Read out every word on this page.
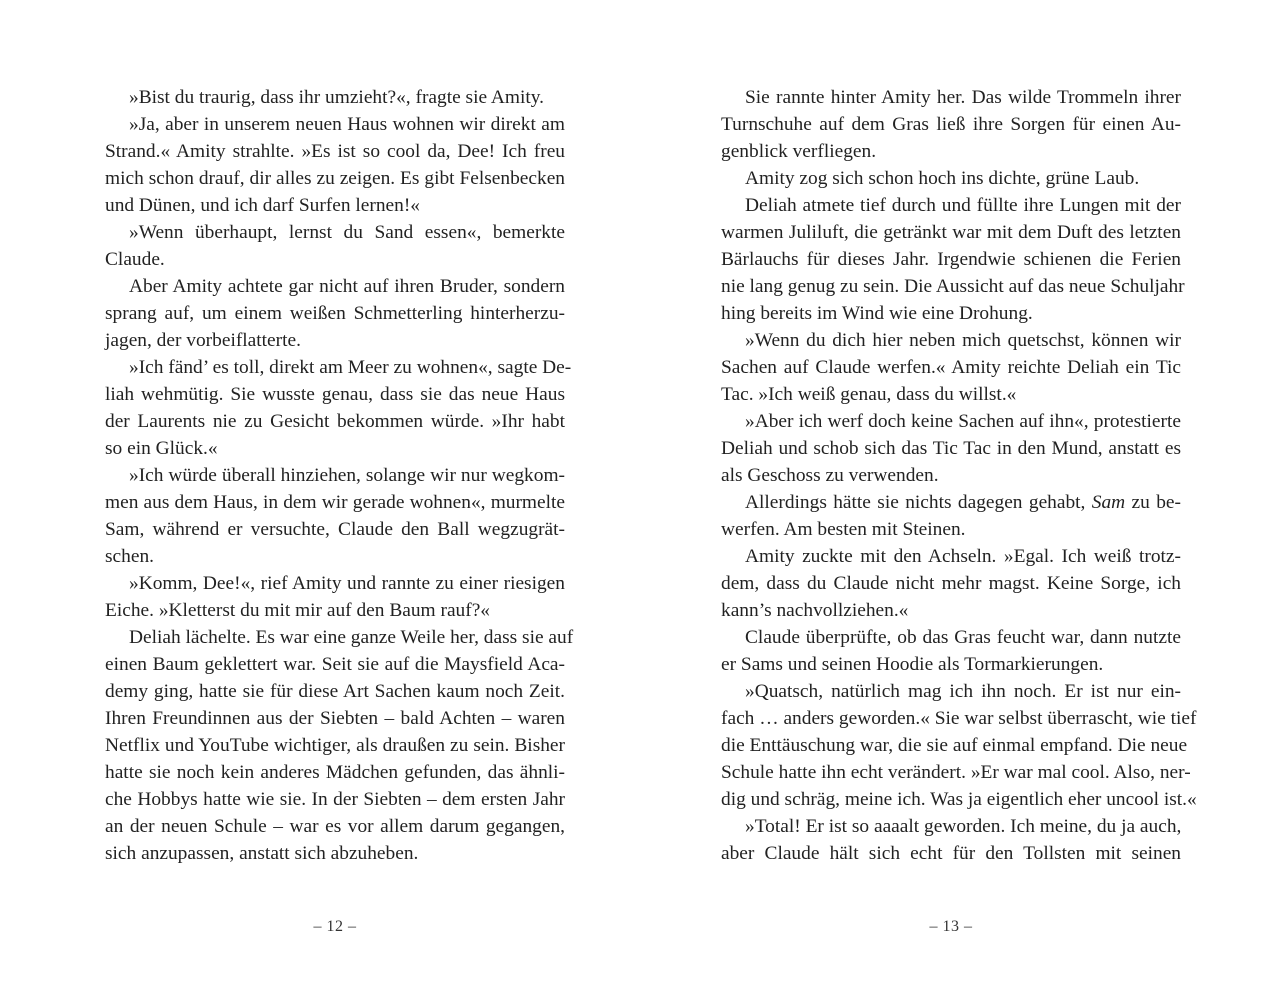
»Bist du traurig, dass ihr umzieht?«, fragte sie Amity.
»Ja, aber in unserem neuen Haus wohnen wir direkt am
Strand.« Amity strahlte. »Es ist so cool da, Dee! Ich freu
mich schon drauf, dir alles zu zeigen. Es gibt Felsenbecken
und Dünen, und ich darf Surfen lernen!«
»Wenn überhaupt, lernst du Sand essen«, bemerkte
Claude.
Aber Amity achtete gar nicht auf ihren Bruder, sondern
sprang auf, um einem weißen Schmetterling hinterherzu-
jagen, der vorbeiflatterte.
»Ich fänd’ es toll, direkt am Meer zu wohnen«, sagte De-
liah wehmütig. Sie wusste genau, dass sie das neue Haus
der Laurents nie zu Gesicht bekommen würde. »Ihr habt
so ein Glück.«
»Ich würde überall hinziehen, solange wir nur wegkom-
men aus dem Haus, in dem wir gerade wohnen«, murmelte
Sam, während er versuchte, Claude den Ball wegzugrät-
schen.
»Komm, Dee!«, rief Amity und rannte zu einer riesigen
Eiche. »Kletterst du mit mir auf den Baum rauf?«
Deliah lächelte. Es war eine ganze Weile her, dass sie auf
einen Baum geklettert war. Seit sie auf die Maysfield Aca-
demy ging, hatte sie für diese Art Sachen kaum noch Zeit.
Ihren Freundinnen aus der Siebten – bald Achten – waren
Netflix und YouTube wichtiger, als draußen zu sein. Bisher
hatte sie noch kein anderes Mädchen gefunden, das ähnli-
che Hobbys hatte wie sie. In der Siebten – dem ersten Jahr
an der neuen Schule – war es vor allem darum gegangen,
sich anzupassen, anstatt sich abzuheben.
Sie rannte hinter Amity her. Das wilde Trommeln ihrer
Turnschuhe auf dem Gras ließ ihre Sorgen für einen Au-
genblick verfliegen.
Amity zog sich schon hoch ins dichte, grüne Laub.
Deliah atmete tief durch und füllte ihre Lungen mit der
warmen Juliluft, die getränkt war mit dem Duft des letzten
Bärlauchs für dieses Jahr. Irgendwie schienen die Ferien
nie lang genug zu sein. Die Aussicht auf das neue Schuljahr
hing bereits im Wind wie eine Drohung.
»Wenn du dich hier neben mich quetschst, können wir
Sachen auf Claude werfen.« Amity reichte Deliah ein Tic
Tac. »Ich weiß genau, dass du willst.«
»Aber ich werf doch keine Sachen auf ihn«, protestierte
Deliah und schob sich das Tic Tac in den Mund, anstatt es
als Geschoss zu verwenden.
Allerdings hätte sie nichts dagegen gehabt, Sam zu be-
werfen. Am besten mit Steinen.
Amity zuckte mit den Achseln. »Egal. Ich weiß trotz-
dem, dass du Claude nicht mehr magst. Keine Sorge, ich
kann’s nachvollziehen.«
Claude überprüfte, ob das Gras feucht war, dann nutzte
er Sams und seinen Hoodie als Tormarkierungen.
»Quatsch, natürlich mag ich ihn noch. Er ist nur ein-
fach … anders geworden.« Sie war selbst überrascht, wie tief
die Enttäuschung war, die sie auf einmal empfand. Die neue
Schule hatte ihn echt verändert. »Er war mal cool. Also, ner-
dig und schräg, meine ich. Was ja eigentlich eher uncool ist.«
»Total! Er ist so aaaalt geworden. Ich meine, du ja auch,
aber Claude hält sich echt für den Tollsten mit seinen
– 12 –	– 13 –
